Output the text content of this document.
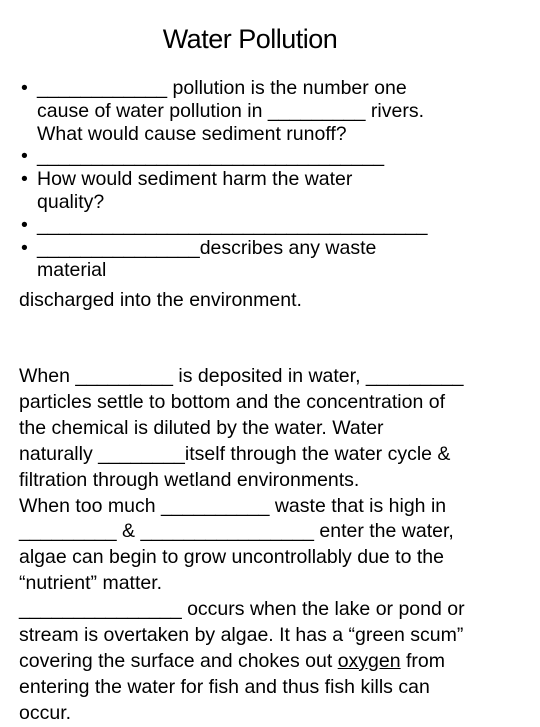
Water Pollution
• ____________ pollution is the number one
cause of water pollution in _________ rivers.
What would cause sediment runoff?
• ________________________________
• How would sediment harm the water
quality?
• ____________________________________
• _______________describes any waste
material
discharged into the environment.
When _________ is deposited in water, _________
particles settle to bottom and the concentration of
the chemical is diluted by the water. Water
naturally ________itself through the water cycle &
filtration through wetland environments.
When too much __________ waste that is high in
_________ & ________________ enter the water,
algae can begin to grow uncontrollably due to the
“nutrient” matter.
_______________ occurs when the lake or pond or
stream is overtaken by algae. It has a “green scum”
covering the surface and chokes out oxygen from
entering the water for fish and thus fish kills can
occur.
